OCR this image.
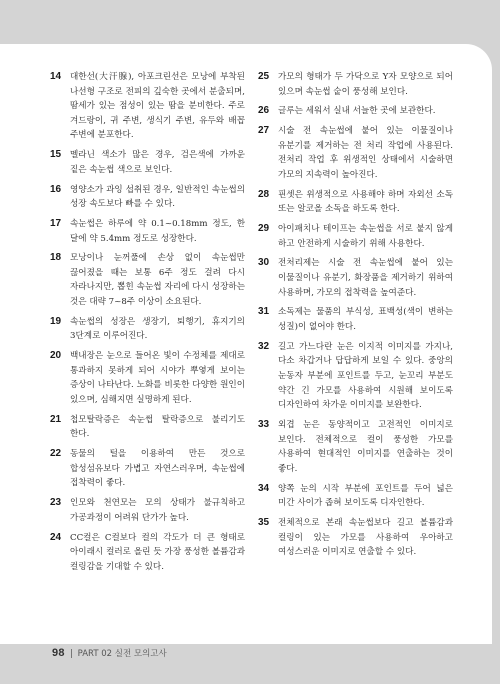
14 대한선(大汗腺), 아포크린선은 모낭에 부착된 나선형 구조로 전피의 깊숙한 곳에서 분출되며, 땀세가 있는 점성이 있는 땀을 분비한다. 주로 겨드랑이, 귀 주변, 생식기 주변, 유두와 배꼽 주변에 분포한다.
15 멜라닌 색소가 많은 경우, 검은색에 가까운 짙은 속눈썹 색으로 보인다.
16 영양소가 과잉 섭취된 경우, 일반적인 속눈썹의 성장 속도보다 빠를 수 있다.
17 속눈썹은 하루에 약 0.1~0.18mm 정도, 한 달에 약 5.4mm 정도로 성장한다.
18 모낭이나 눈꺼풀에 손상 없이 속눈썹만 끊어졌을 때는 보통 6주 정도 걸려 다시 자라나지만, 뽑힌 속눈썹 자리에 다시 성장하는 것은 대략 7~8주 이상이 소요된다.
19 속눈썹의 성장은 생장기, 퇴행기, 휴지기의 3단계로 이루어진다.
20 백내장은 눈으로 들어온 빛이 수정체를 제대로 통과하지 못하게 되어 시야가 뿌옇게 보이는 증상이 나타난다. 노화를 비롯한 다양한 원인이 있으며, 심해지면 실명하게 된다.
21 첩모탈락증은 속눈썹 탈락증으로 불리기도 한다.
22 동물의 털을 이용하여 만든 것으로 합성섬유보다 가볍고 자연스러우며, 속눈썹에 접착력이 좋다.
23 인모와 천연모는 모의 상태가 불규칙하고 가공과정이 어려워 단가가 높다.
24 CC컬은 C컬보다 컬의 각도가 더 큰 형태로 아이래시 컬러로 올린 듯 가장 풍성한 볼륨감과 컬링감을 기대할 수 있다.
25 가모의 형태가 두 가닥으로 Y자 모양으로 되어 있으며 속눈썹 숱이 풍성해 보인다.
26 글루는 세워서 실내 서늘한 곳에 보관한다.
27 시술 전 속눈썹에 붙어 있는 이물질이나 유분기를 제거하는 전 처리 작업에 사용된다. 전처리 작업 후 위생적인 상태에서 시술하면 가모의 지속력이 높아진다.
28 핀셋은 위생적으로 사용해야 하며 자외선 소독 또는 알코올 소독을 하도록 한다.
29 아이패치나 테이프는 속눈썹을 서로 붙지 않게 하고 안전하게 시술하기 위해 사용한다.
30 전처리제는 시술 전 속눈썹에 붙어 있는 이물질이나 유분기, 화장품을 제거하기 위하여 사용하며, 가모의 접착력을 높여준다.
31 소독제는 물품의 부식성, 표백성(색이 변하는 성질)이 없어야 한다.
32 길고 가느다란 눈은 이지적 이미지를 가지나, 다소 차갑거나 답답하게 보일 수 있다. 중앙의 눈동자 부분에 포인트를 두고, 눈꼬리 부분도 약간 긴 가모를 사용하여 시원해 보이도록 디자인하여 차가운 이미지를 보완한다.
33 외겹 눈은 동양적이고 고전적인 이미지로 보인다. 전체적으로 컬이 풍성한 가모를 사용하여 현대적인 이미지를 연출하는 것이 좋다.
34 양쪽 눈의 시작 부분에 포인트를 두어 넓은 미간 사이가 좁혀 보이도록 디자인한다.
35 전체적으로 본래 속눈썹보다 길고 볼륨감과 컬링이 있는 가모를 사용하여 우아하고 여성스러운 이미지로 연출할 수 있다.
98 PART 02 실전 모의고사
